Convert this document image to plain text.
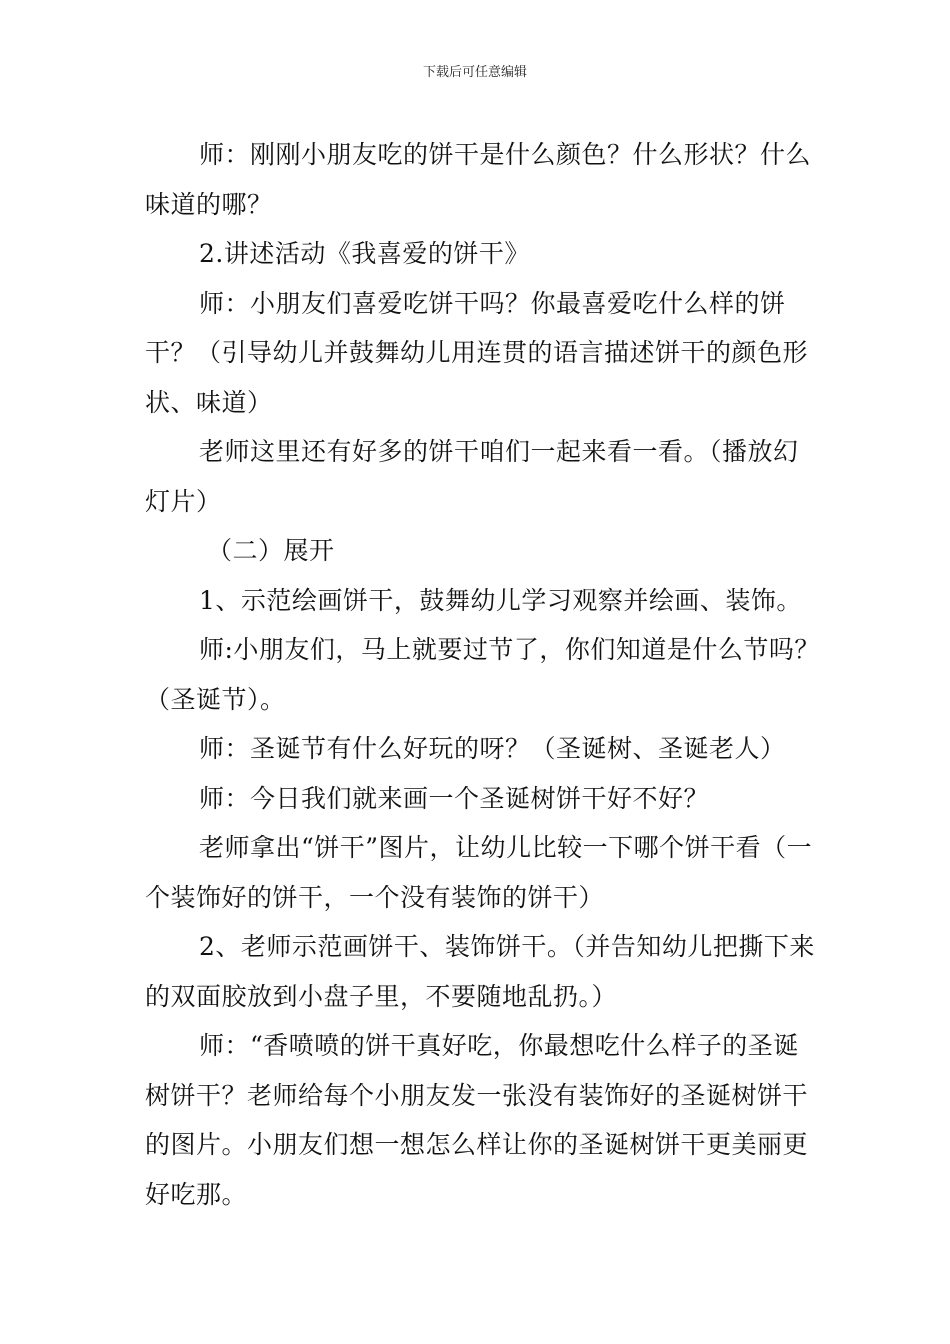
下载后可任意编辑

师：刚刚小朋友吃的饼干是什么颜色？什么形状？什么味道的哪？

2.讲述活动《我喜爱的饼干》

师：小朋友们喜爱吃饼干吗？你最喜爱吃什么样的饼干？（引导幼儿并鼓舞幼儿用连贯的语言描述饼干的颜色形状、味道）

老师这里还有好多的饼干咱们一起来看一看。（播放幻灯片）

（二）展开

1、示范绘画饼干，鼓舞幼儿学习观察并绘画、装饰。

师:小朋友们，马上就要过节了，你们知道是什么节吗？（圣诞节）。

师：圣诞节有什么好玩的呀？（圣诞树、圣诞老人）

师：今日我们就来画一个圣诞树饼干好不好？

老师拿出“饼干”图片，让幼儿比较一下哪个饼干看（一个装饰好的饼干，一个没有装饰的饼干）

2、老师示范画饼干、装饰饼干。（并告知幼儿把撕下来的双面胶放到小盘子里，不要随地乱扔。）

师：“香喷喷的饼干真好吃，你最想吃什么样子的圣诞树饼干？老师给每个小朋友发一张没有装饰好的圣诞树饼干的图片。小朋友们想一想怎么样让你的圣诞树饼干更美丽更好吃那。
